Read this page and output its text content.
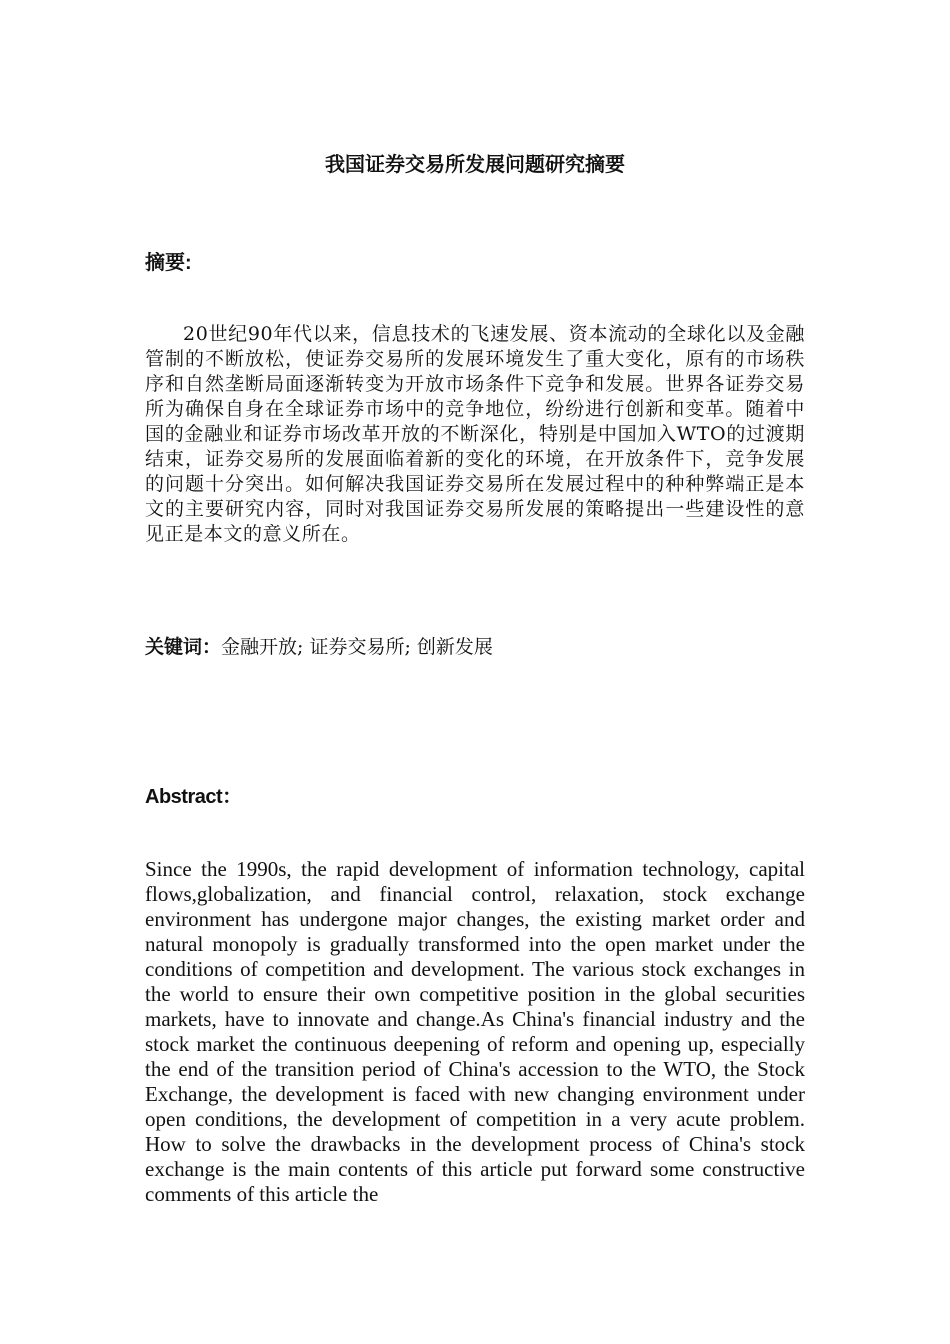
我国证券交易所发展问题研究摘要
摘要:
20世纪90年代以来，信息技术的飞速发展、资本流动的全球化以及金融管制的不断放松，使证券交易所的发展环境发生了重大变化，原有的市场秩序和自然垄断局面逐渐转变为开放市场条件下竞争和发展。世界各证券交易所为确保自身在全球证券市场中的竞争地位，纷纷进行创新和变革。随着中国的金融业和证券市场改革开放的不断深化，特别是中国加入WTO的过渡期结束，证券交易所的发展面临着新的变化的环境，在开放条件下，竞争发展的问题十分突出。如何解决我国证券交易所在发展过程中的种种弊端正是本文的主要研究内容，同时对我国证券交易所发展的策略提出一些建设性的意见正是本文的意义所在。
关键词：金融开放; 证券交易所; 创新发展
Abstract：
Since the 1990s, the rapid development of information technology, capital flows,globalization, and financial control, relaxation, stock exchange environment has undergone major changes, the existing market order and natural monopoly is gradually transformed into the open market under the conditions of competition and development. The various stock exchanges in the world to ensure their own competitive position in the global securities markets, have to innovate and change.As China's financial industry and the stock market the continuous deepening of reform and opening up, especially the end of the transition period of China's accession to the WTO, the Stock Exchange, the development is faced with new changing environment under open conditions, the development of competition in a very acute problem. How to solve the drawbacks in the development process of China's stock exchange is the main contents of this article put forward some constructive comments of this article the
